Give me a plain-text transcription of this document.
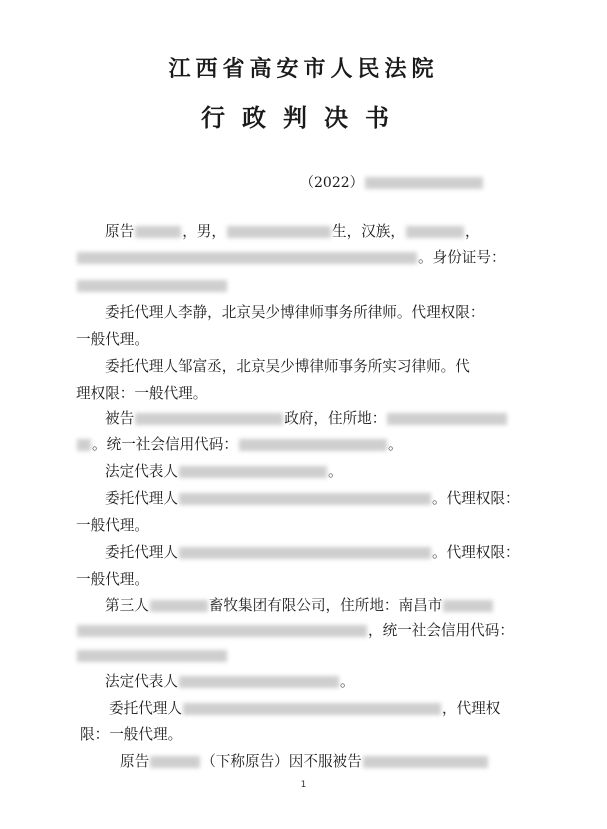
江西省高安市人民法院
行政判决书
（2022）
原告	，男，	生，汉族，	，
。身份证号：
委托代理人李静，北京吴少博律师事务所律师。代理权限：
一般代理。
委托代理人邹富丞，北京吴少博律师事务所实习律师。代
理权限：一般代理。
被告	政府，住所地：
。统一社会信用代码：	。
法定代表人	。
委托代理人	。代理权限：
一般代理。
委托代理人	。代理权限：
一般代理。
第三人	畜牧集团有限公司，住所地：南昌市
，统一社会信用代码：
法定代表人	。
委托代理人	，代理权
限：一般代理。
原告	（下称原告）因不服被告
1
